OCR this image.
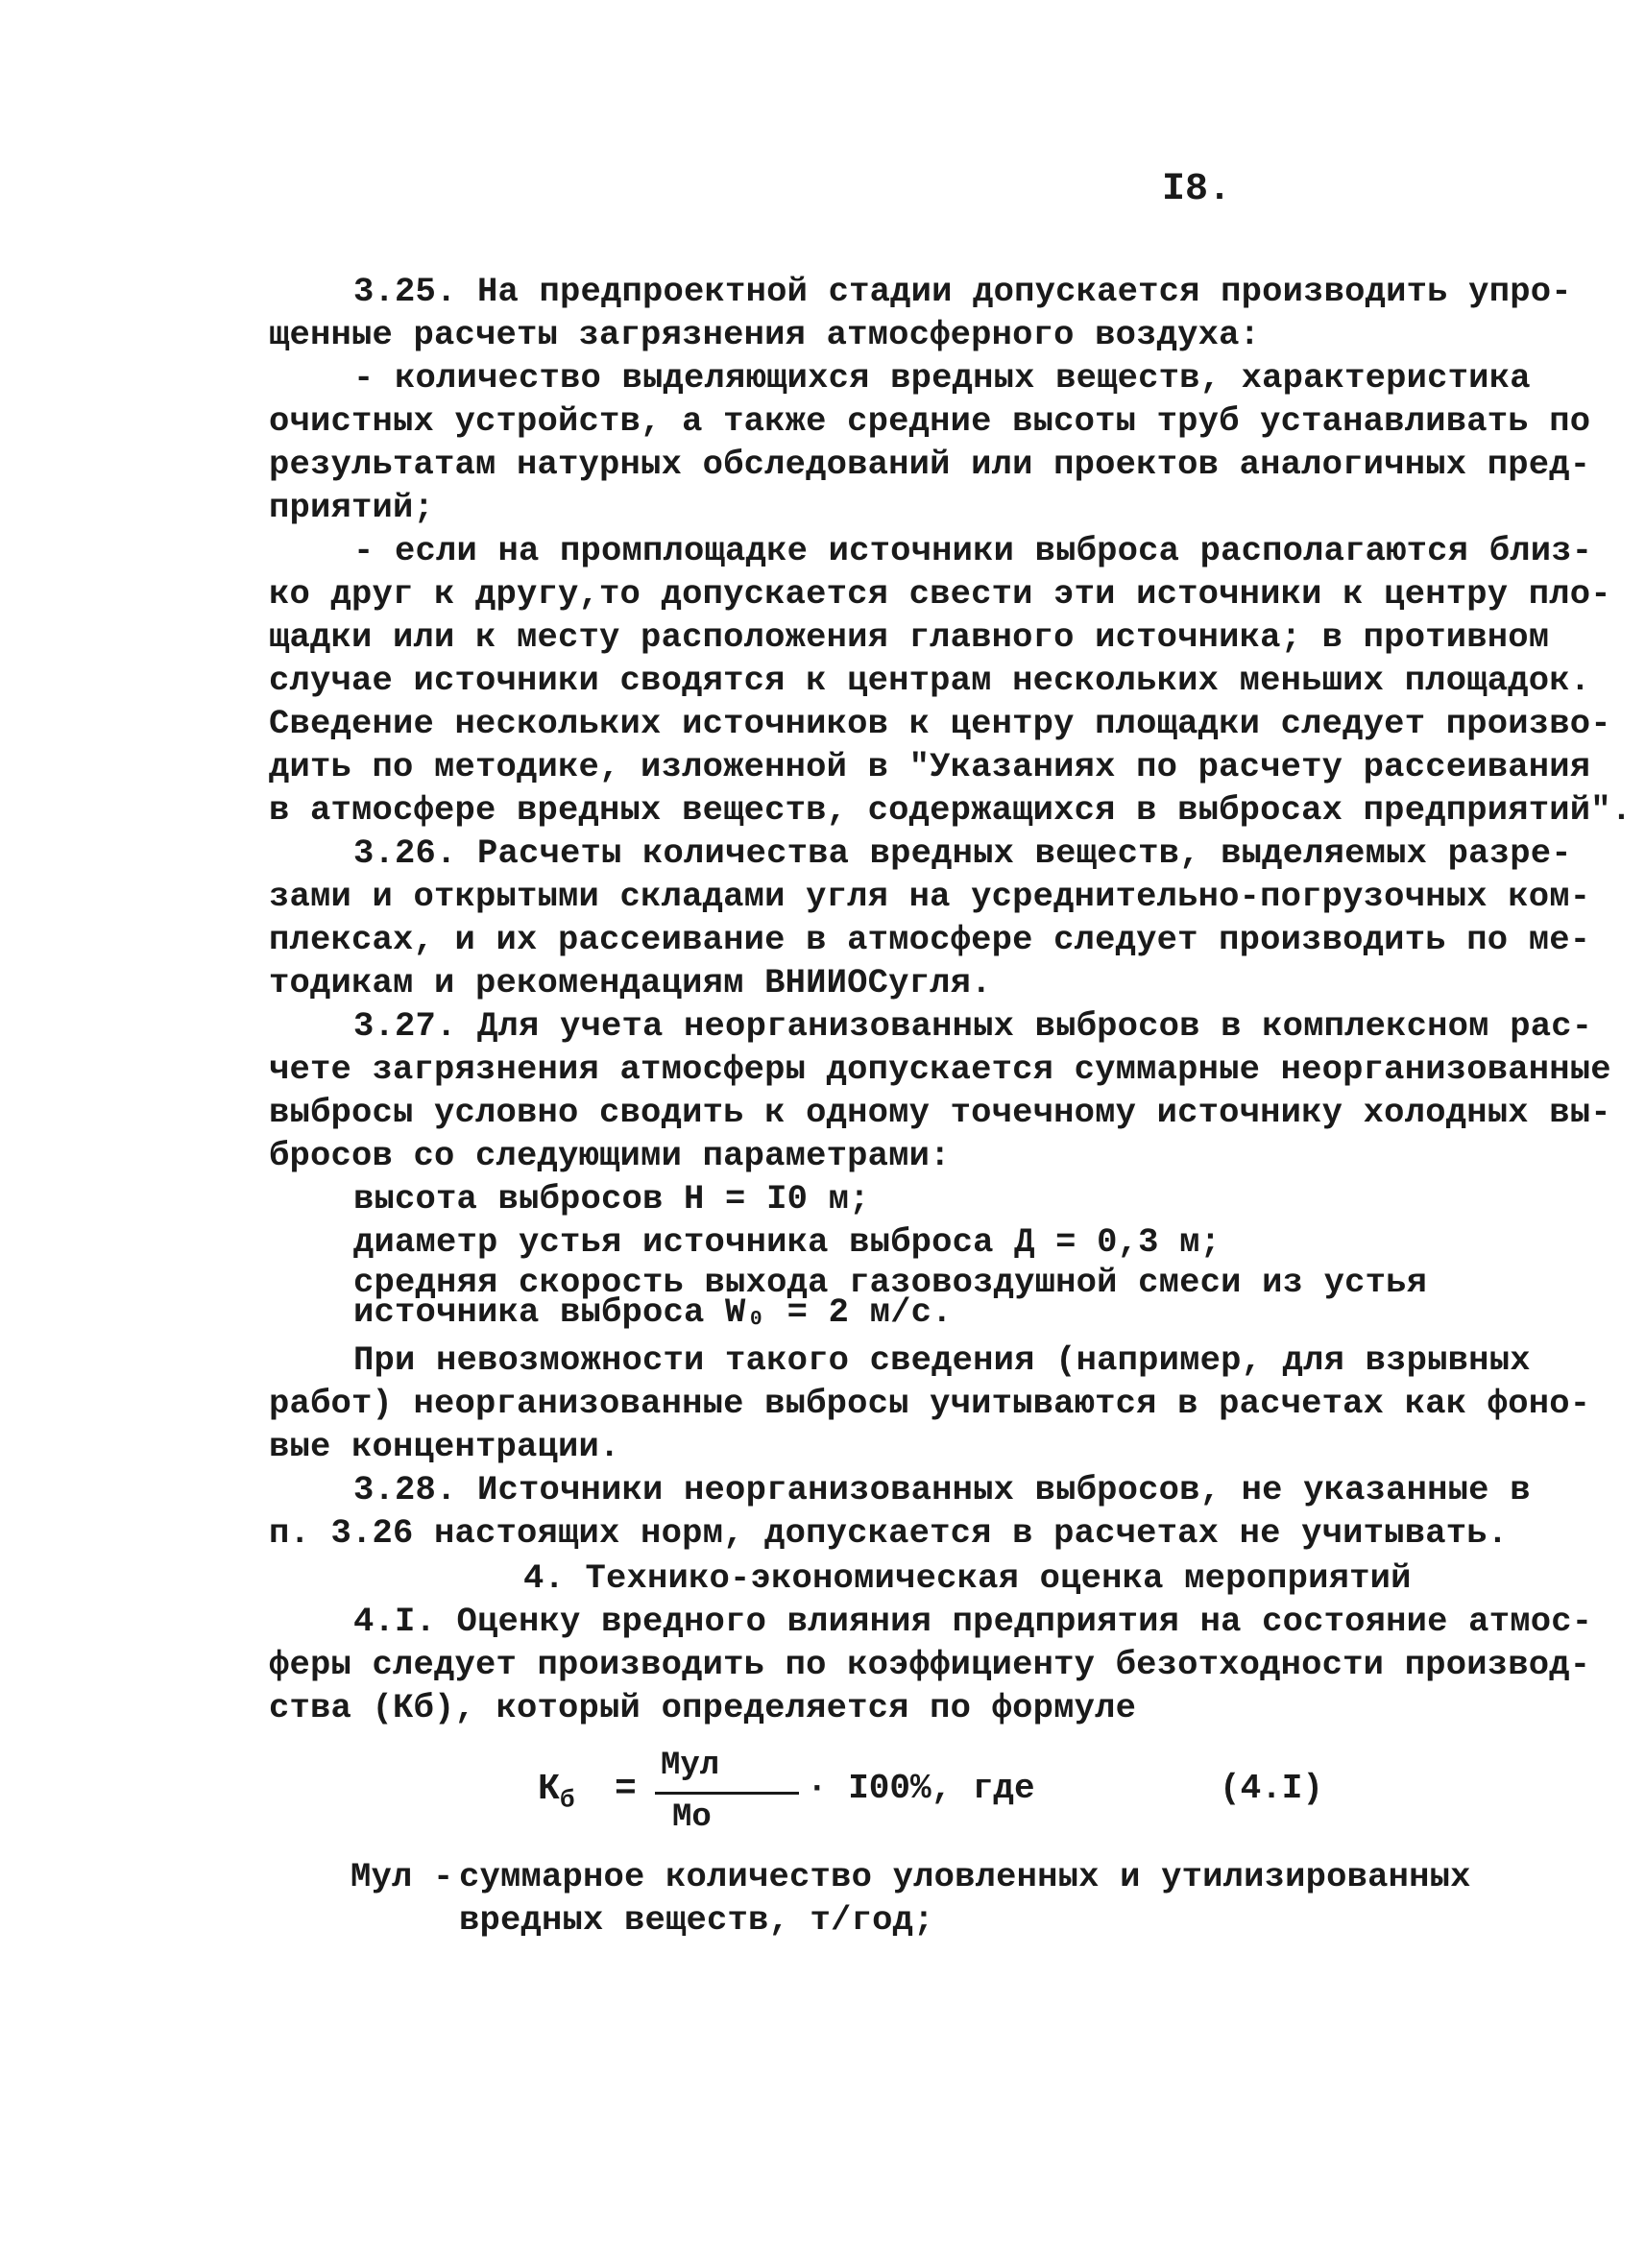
I8.
3.25. На предпроектной стадии допускается производить упро-
щенные расчеты загрязнения атмосферного воздуха:
- количество выделяющихся вредных веществ, характеристика
очистных устройств, а также средние высоты труб устанавливать по
результатам натурных обследований или проектов аналогичных пред-
приятий;
- если на промплощадке источники выброса располагаются близ-
ко друг к другу,то допускается свести эти источники к центру пло-
щадки или к месту расположения главного источника; в противном
случае источники сводятся к центрам нескольких меньших площадок.
Сведение нескольких источников к центру площадки следует произво-
дить по методике, изложенной в "Указаниях по расчету рассеивания
в атмосфере вредных веществ, содержащихся в выбросах предприятий".
3.26. Расчеты количества вредных веществ, выделяемых разре-
зами и открытыми складами угля на усреднительно-погрузочных ком-
плексах, и их рассеивание в атмосфере следует производить по ме-
тодикам и рекомендациям ВНИИОСугля.
3.27. Для учета неорганизованных выбросов в комплексном рас-
чете загрязнения атмосферы допускается суммарные неорганизованные
выбросы условно сводить к одному точечному источнику холодных вы-
бросов со следующими параметрами:
высота выбросов Н = I0 м;
диаметр устья источника выброса Д = 0,3 м;
средняя скорость выхода газовоздушной смеси из устья
источника выброса W₀ = 2 м/с.
При невозможности такого сведения (например, для взрывных
работ) неорганизованные выбросы учитываются в расчетах как фоно-
вые концентрации.
3.28. Источники неорганизованных выбросов, не указанные в
п. 3.26 настоящих норм, допускается в расчетах не учитывать.
4. Технико-экономическая оценка мероприятий
4.I. Оценку вредного влияния предприятия на состояние атмос-
феры следует производить по коэффициенту безотходности производ-
ства (Кб), который определяется по формуле
$К_б$ =
Мул
Мо
· I00%, где	(4.I)
Мул - суммарное количество уловленных и утилизированных
вредных веществ, т/год;
